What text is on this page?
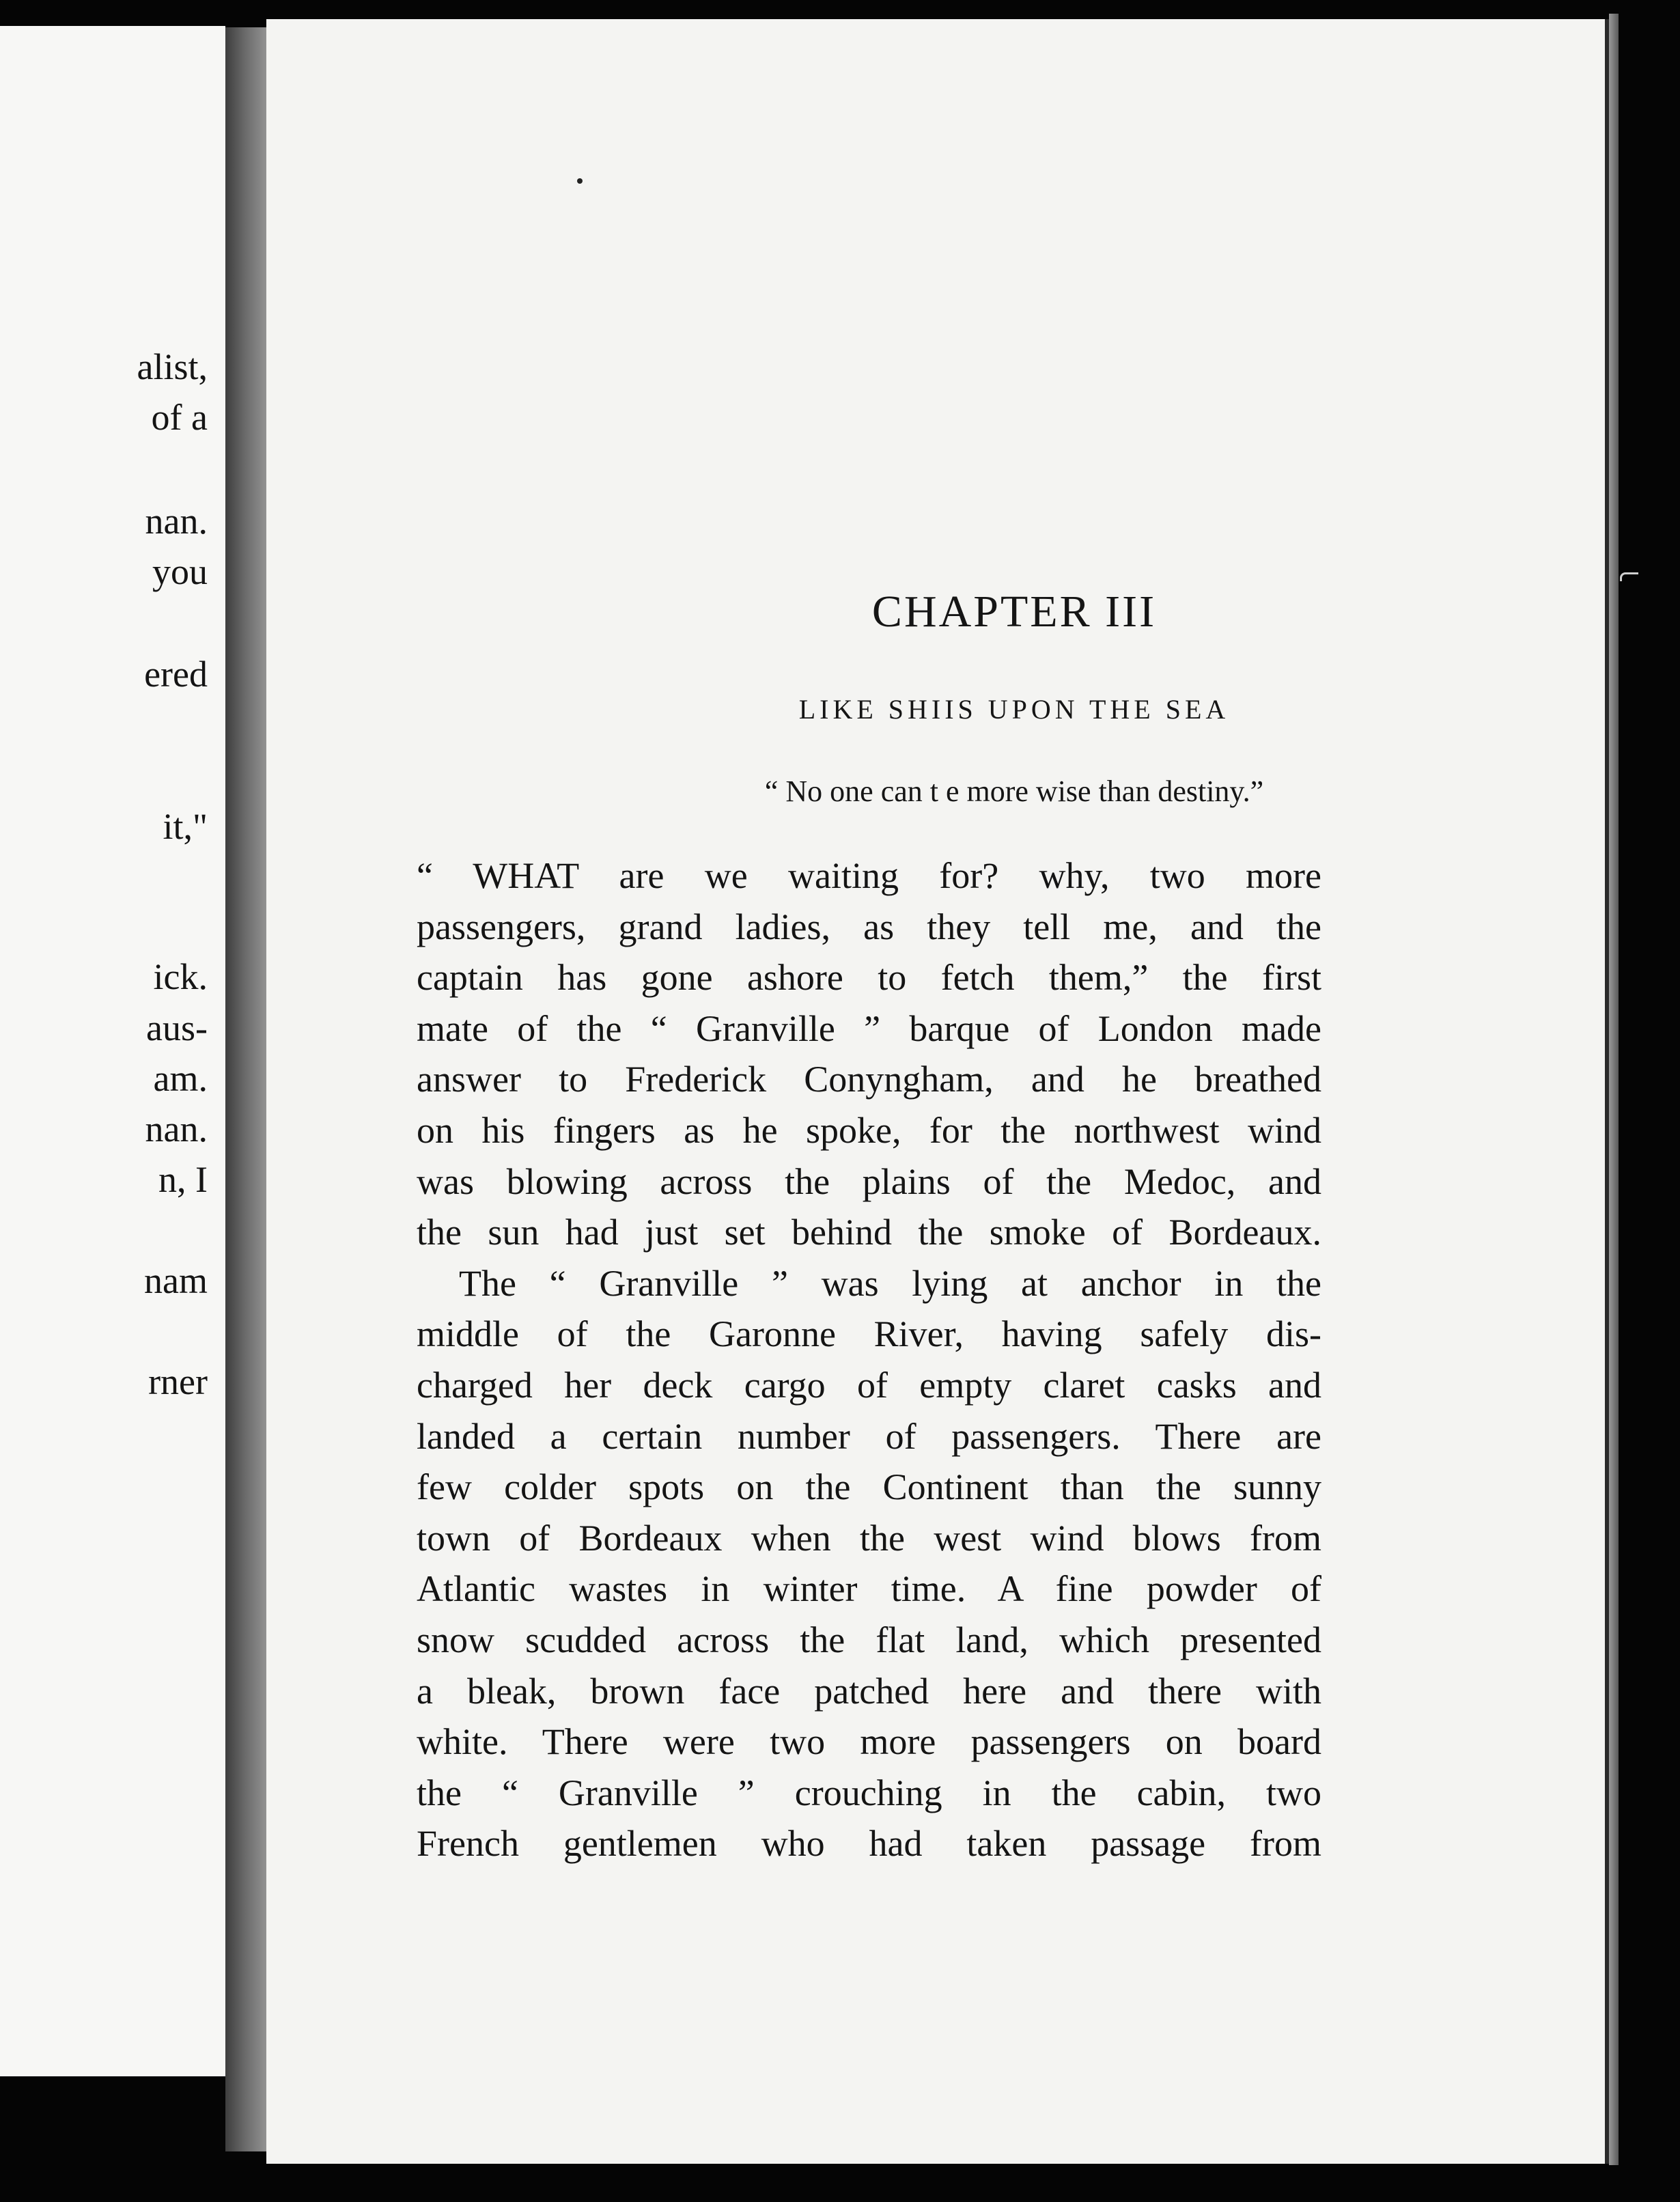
alist,
of a
nan.
you
ered
it,"
ick.
aus-
am.
nan.
n, I
nam
rner
CHAPTER III
LIKE SHIIS UPON THE SEA
“ No one can t e more wise than destiny.”
“ WHAT are we waiting for? why, two more
passengers, grand ladies, as they tell me, and the
captain has gone ashore to fetch them,” the first
mate of the “ Granville ” barque of London made
answer to Frederick Conyngham, and he breathed
on his fingers as he spoke, for the northwest wind
was blowing across the plains of the Medoc, and
the sun had just set behind the smoke of Bordeaux.
The “ Granville ” was lying at anchor in the
middle of the Garonne River, having safely dis-
charged her deck cargo of empty claret casks and
landed a certain number of passengers. There are
few colder spots on the Continent than the sunny
town of Bordeaux when the west wind blows from
Atlantic wastes in winter time. A fine powder of
snow scudded across the flat land, which presented
a bleak, brown face patched here and there with
white. There were two more passengers on board
the “ Granville ” crouching in the cabin, two
French gentlemen who had taken passage from
